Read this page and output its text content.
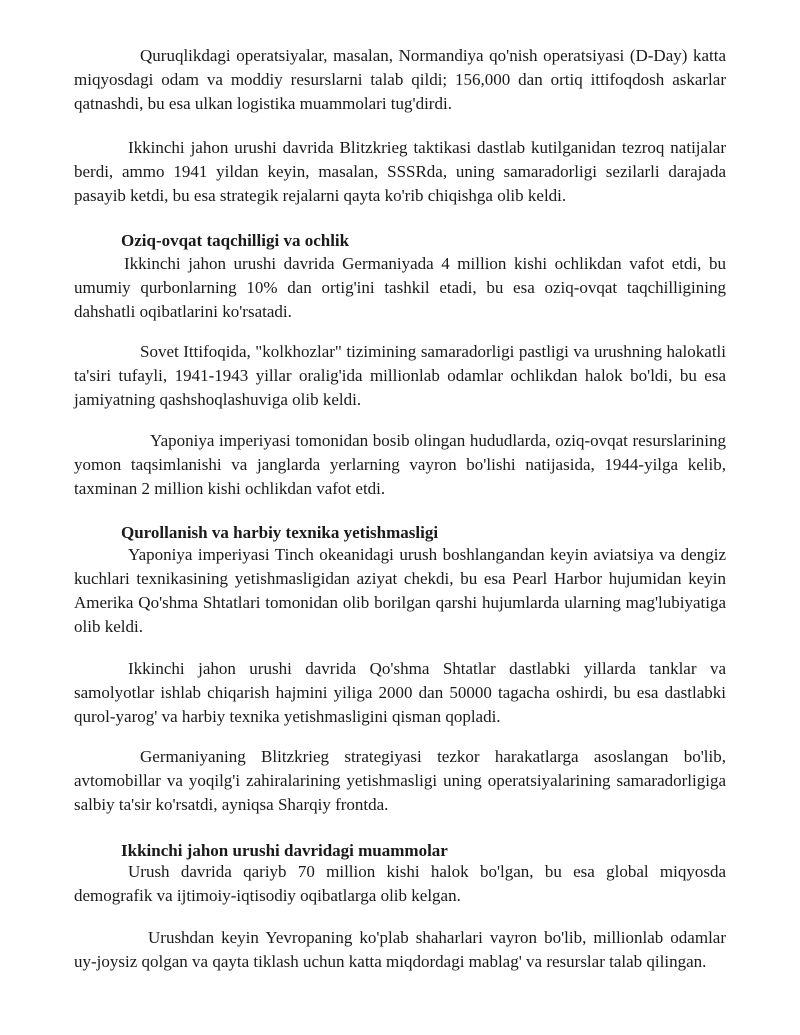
Quruqlikdagi operatsiyalar, masalan, Normandiya qo'nish operatsiyasi (D-Day) katta miqyosdagi odam va moddiy resurslarni talab qildi; 156,000 dan ortiq ittifoqdosh askarlar qatnashdi, bu esa ulkan logistika muammolari tug'dirdi.

Ikkinchi jahon urushi davrida Blitzkrieg taktikasi dastlab kutilganidan tezroq natijalar berdi, ammo 1941 yildan keyin, masalan, SSSRda, uning samaradorligi sezilarli darajada pasayib ketdi, bu esa strategik rejalarni qayta ko'rib chiqishga olib keldi.

Oziq-ovqat taqchilligi va ochlik

Ikkinchi jahon urushi davrida Germaniyada 4 million kishi ochlikdan vafot etdi, bu umumiy qurbonlarning 10% dan ortig'ini tashkil etadi, bu esa oziq-ovqat taqchilligining dahshatli oqibatlarini ko'rsatadi.

Sovet Ittifoqida, "kolkhozlar" tizimining samaradorligi pastligi va urushning halokatli ta'siri tufayli, 1941-1943 yillar oralig'ida millionlab odamlar ochlikdan halok bo'ldi, bu esa jamiyatning qashshoqlashuviga olib keldi.

Yaponiya imperiyasi tomonidan bosib olingan hududlarda, oziq-ovqat resurslarining yomon taqsimlanishi va janglarda yerlarning vayron bo'lishi natijasida, 1944-yilga kelib, taxminan 2 million kishi ochlikdan vafot etdi.

Qurollanish va harbiy texnika yetishmasligi

Yaponiya imperiyasi Tinch okeanidagi urush boshlangandan keyin aviatsiya va dengiz kuchlari texnikasining yetishmasligidan aziyat chekdi, bu esa Pearl Harbor hujumidan keyin Amerika Qo'shma Shtatlari tomonidan olib borilgan qarshi hujumlarda ularning mag'lubiyatiga olib keldi.

Ikkinchi jahon urushi davrida Qo'shma Shtatlar dastlabki yillarda tanklar va samolyotlar ishlab chiqarish hajmini yiliga 2000 dan 50000 tagacha oshirdi, bu esa dastlabki qurol-yarog' va harbiy texnika yetishmasligini qisman qopladi.

Germaniyaning Blitzkrieg strategiyasi tezkor harakatlarga asoslangan bo'lib, avtomobillar va yoqilg'i zahiralarining yetishmasligi uning operatsiyalarining samaradorligiga salbiy ta'sir ko'rsatdi, ayniqsa Sharqiy frontda.

Ikkinchi jahon urushi davridagi muammolar

Urush davrida qariyb 70 million kishi halok bo'lgan, bu esa global miqyosda demografik va ijtimoiy-iqtisodiy oqibatlarga olib kelgan.

Urushdan keyin Yevropaning ko'plab shaharlari vayron bo'lib, millionlab odamlar uy-joysiz qolgan va qayta tiklash uchun katta miqdordagi mablag' va resurslar talab qilingan.
